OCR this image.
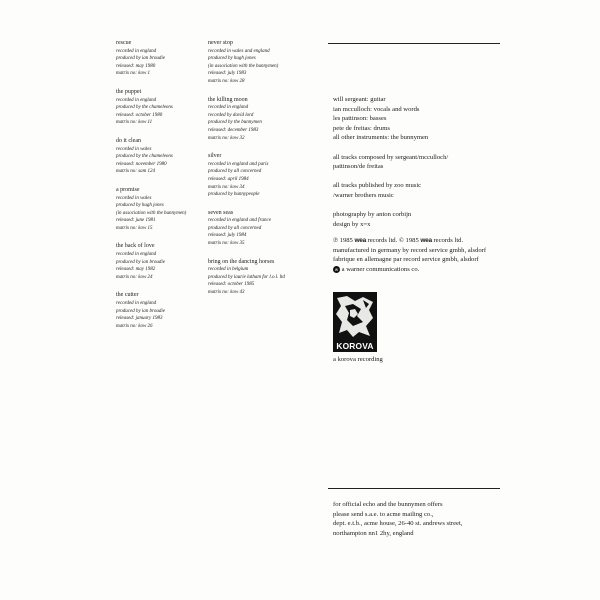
rescue
recorded in england
produced by ian broudie
released: may 1980
matrix no: kow 1
the puppet
recorded in england
produced by the chameleons
released: october 1980
matrix no: kow 11
do it clean
recorded in wales
produced by the chameleons
released: november 1980
matrix no: sam 124
a promise
recorded in wales
produced by hugh jones
(in association with the bunnymen)
released: june 1981
matrix no: kow 15
the back of love
recorded in england
produced by ian broudie
released: may 1982
matrix no: kow 24
the cutter
recorded in england
produced by ian broudie
released: january 1983
matrix no: kow 26
never stop
recorded in wales and england
produced by hugh jones
(in association with the bunnymen)
released: july 1983
matrix no: kow 28
the killing moon
recorded in england
recorded by david lord
produced by the bunnymen
released: december 1983
matrix no: kow 32
silver
recorded in england and paris
produced by all concerned
released: april 1984
matrix no: kow 34
produced by bunnypeople
seven seas
recorded in england and france
produced by all concerned
released: july 1984
matrix no: kow 35
bring on the dancing horses
recorded in belgium
produced by laurie latham for l.o.l. ltd
released: october 1985
matrix no: kow 43

will sergeant: guitar

ian mcculloch: vocals and words

les pattinson: basses

pete de freitas: drums

all other instruments: the bunnymen

all tracks composed by sergeant/mcculloch/

pattinson/de freitas

all tracks published by zoo music

/warner brothers music

photography by anton corbijn

design by x=x

℗ 1985 wea records ltd. © 1985 wea records ltd.

manufactured in germany by record service gmbh, alsdorf

fabrique en allemagne par record service gmbh, alsdorf

w a warner communications co.

KOROVA
a korova recording

for official echo and the bunnymen offers

please send s.a.e. to acme mailing co.,

dept. e.t.b., acme house, 26-40 st. andrews street,

northampton nn1 2hy, england
